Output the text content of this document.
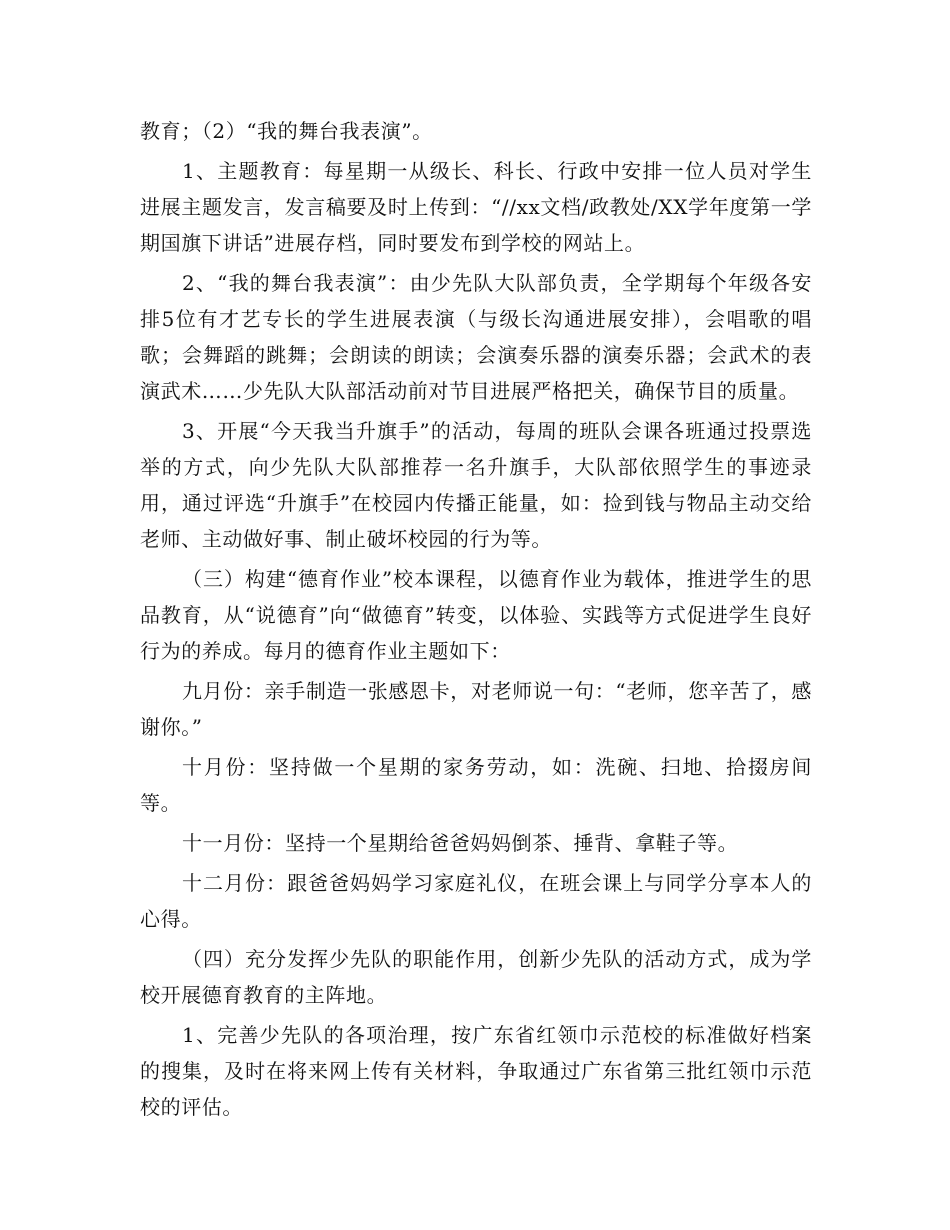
教育；（2）“我的舞台我表演”。

1、主题教育：每星期一从级长、科长、行政中安排一位人员对学生进展主题发言，发言稿要及时上传到：“//xx文档/政教处/XX学年度第一学期国旗下讲话”进展存档，同时要发布到学校的网站上。

2、“我的舞台我表演”：由少先队大队部负责，全学期每个年级各安排5位有才艺专长的学生进展表演（与级长沟通进展安排），会唱歌的唱歌；会舞蹈的跳舞；会朗读的朗读；会演奏乐器的演奏乐器；会武术的表演武术……少先队大队部活动前对节目进展严格把关，确保节目的质量。

3、开展“今天我当升旗手”的活动，每周的班队会课各班通过投票选举的方式，向少先队大队部推荐一名升旗手，大队部依照学生的事迹录用，通过评选“升旗手”在校园内传播正能量，如：捡到钱与物品主动交给老师、主动做好事、制止破坏校园的行为等。

（三）构建“德育作业”校本课程，以德育作业为载体，推进学生的思品教育，从“说德育”向“做德育”转变，以体验、实践等方式促进学生良好行为的养成。每月的德育作业主题如下：

九月份：亲手制造一张感恩卡，对老师说一句：“老师，您辛苦了，感谢你。”

十月份：坚持做一个星期的家务劳动，如：洗碗、扫地、拾掇房间等。

十一月份：坚持一个星期给爸爸妈妈倒茶、捶背、拿鞋子等。

十二月份：跟爸爸妈妈学习家庭礼仪，在班会课上与同学分享本人的心得。

（四）充分发挥少先队的职能作用，创新少先队的活动方式，成为学校开展德育教育的主阵地。

1、完善少先队的各项治理，按广东省红领巾示范校的标准做好档案的搜集，及时在将来网上传有关材料，争取通过广东省第三批红领巾示范校的评估。
